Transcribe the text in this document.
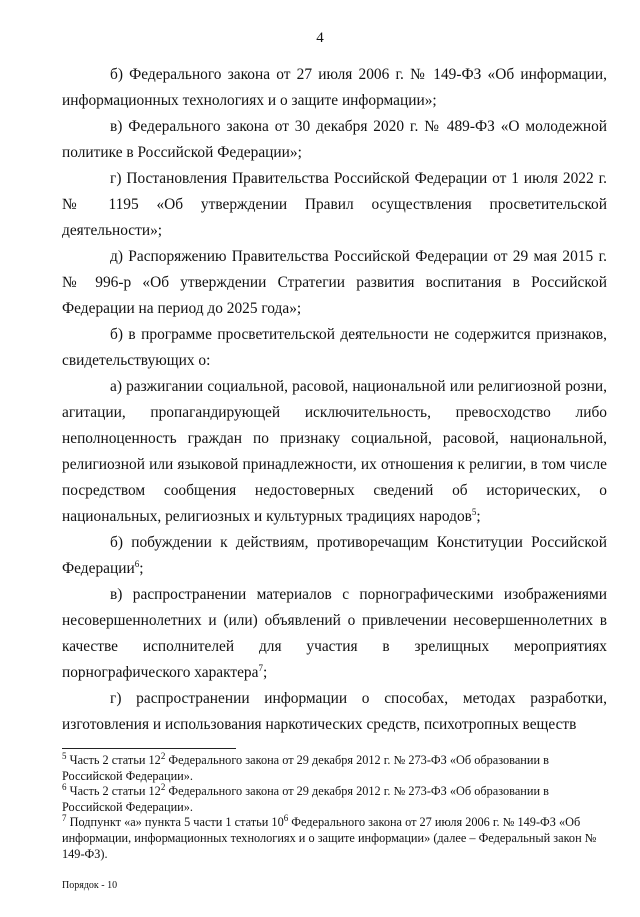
4

б) Федерального закона от 27 июля 2006 г. № 149-ФЗ «Об информации, информационных технологиях и о защите информации»;

в) Федерального закона от 30 декабря 2020 г. № 489-ФЗ «О молодежной политике в Российской Федерации»;

г) Постановления Правительства Российской Федерации от 1 июля 2022 г. № 1195 «Об утверждении Правил осуществления просветительской деятельности»;

д) Распоряжению Правительства Российской Федерации от 29 мая 2015 г. № 996-р «Об утверждении Стратегии развития воспитания в Российской Федерации на период до 2025 года»;

б) в программе просветительской деятельности не содержится признаков, свидетельствующих о:

а) разжигании социальной, расовой, национальной или религиозной розни, агитации, пропагандирующей исключительность, превосходство либо неполноценность граждан по признаку социальной, расовой, национальной, религиозной или языковой принадлежности, их отношения к религии, в том числе посредством сообщения недостоверных сведений об исторических, о национальных, религиозных и культурных традициях народов$^5$;

б) побуждении к действиям, противоречащим Конституции Российской Федерации$^6$;

в) распространении материалов с порнографическими изображениями несовершеннолетних и (или) объявлений о привлечении несовершеннолетних в качестве исполнителей для участия в зрелищных мероприятиях порнографического характера$^7$;

г) распространении информации о способах, методах разработки, изготовления и использования наркотических средств, психотропных веществ

$^5$ Часть 2 статьи $12^2$ Федерального закона от 29 декабря 2012 г. № 273-ФЗ «Об образовании в Российской Федерации».

$^6$ Часть 2 статьи $12^2$ Федерального закона от 29 декабря 2012 г. № 273-ФЗ «Об образовании в Российской Федерации».

$^7$ Подпункт «а» пункта 5 части 1 статьи $10^6$ Федерального закона от 27 июля 2006 г. № 149-ФЗ «Об информации, информационных технологиях и о защите информации» (далее – Федеральный закон № 149-ФЗ).

Порядок - 10
